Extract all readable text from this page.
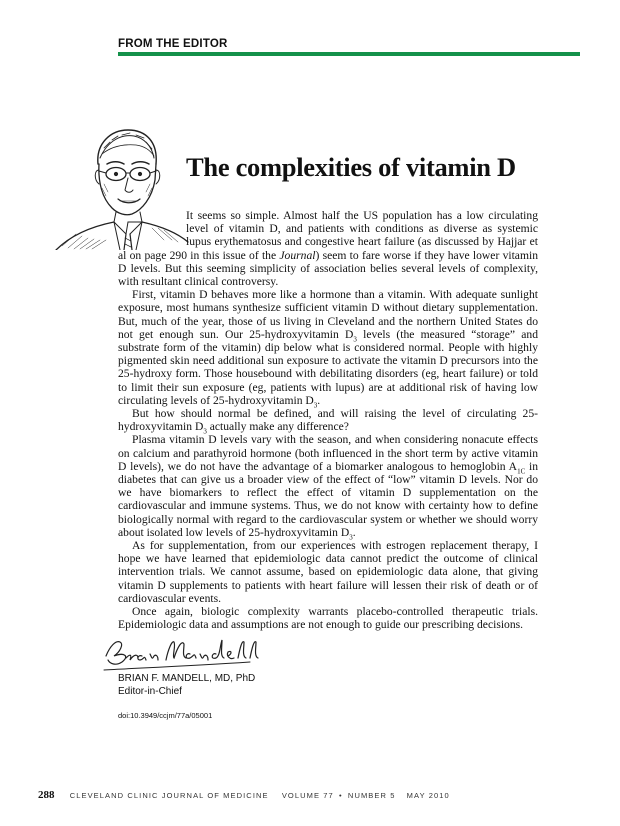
FROM THE EDITOR
The complexities of vitamin D

It seems so simple. Almost half the US population has a low circulating level of vitamin D, and patients with conditions as diverse as systemic lupus erythematosus and congestive heart failure (as discussed by Hajjar et al on page 290 in this issue of the Journal) seem to fare worse if they have lower vitamin D levels. But this seeming simplicity of association belies several levels of complexity, with resultant clinical controversy.

First, vitamin D behaves more like a hormone than a vitamin. With adequate sunlight exposure, most humans synthesize sufficient vitamin D without dietary supplementation. But, much of the year, those of us living in Cleveland and the northern United States do not get enough sun. Our 25-hydroxyvitamin $D_3$ levels (the measured “storage” and substrate form of the vitamin) dip below what is considered normal. People with highly pigmented skin need additional sun exposure to activate the vitamin D precursors into the 25-hydroxy form. Those housebound with debilitating disorders (eg, heart failure) or told to limit their sun exposure (eg, patients with lupus) are at additional risk of having low circulating levels of 25-hydroxyvitamin $D_3$.

But how should normal be defined, and will raising the level of circulating 25-hydroxyvitamin $D_3$ actually make any difference?

Plasma vitamin D levels vary with the season, and when considering nonacute effects on calcium and parathyroid hormone (both influenced in the short term by active vitamin D levels), we do not have the advantage of a biomarker analogous to hemoglobin $A_{1C}$ in diabetes that can give us a broader view of the effect of “low” vitamin D levels. Nor do we have biomarkers to reflect the effect of vitamin D supplementation on the cardiovascular and immune systems. Thus, we do not know with certainty how to define biologically normal with regard to the cardiovascular system or whether we should worry about isolated low levels of 25-hydroxyvitamin $D_3$.

As for supplementation, from our experiences with estrogen replacement therapy, I hope we have learned that epidemiologic data cannot predict the outcome of clinical intervention trials. We cannot assume, based on epidemiologic data alone, that giving vitamin D supplements to patients with heart failure will lessen their risk of death or of cardiovascular events.

Once again, biologic complexity warrants placebo-controlled therapeutic trials. Epidemiologic data and assumptions are not enough to guide our prescribing decisions.

BRIAN F. MANDELL, MD, PhD
Editor-in-Chief
doi:10.3949/ccjm/77a/05001
288 CLEVELAND CLINIC JOURNAL OF MEDICINE VOLUME 77 • NUMBER 5 MAY 2010
